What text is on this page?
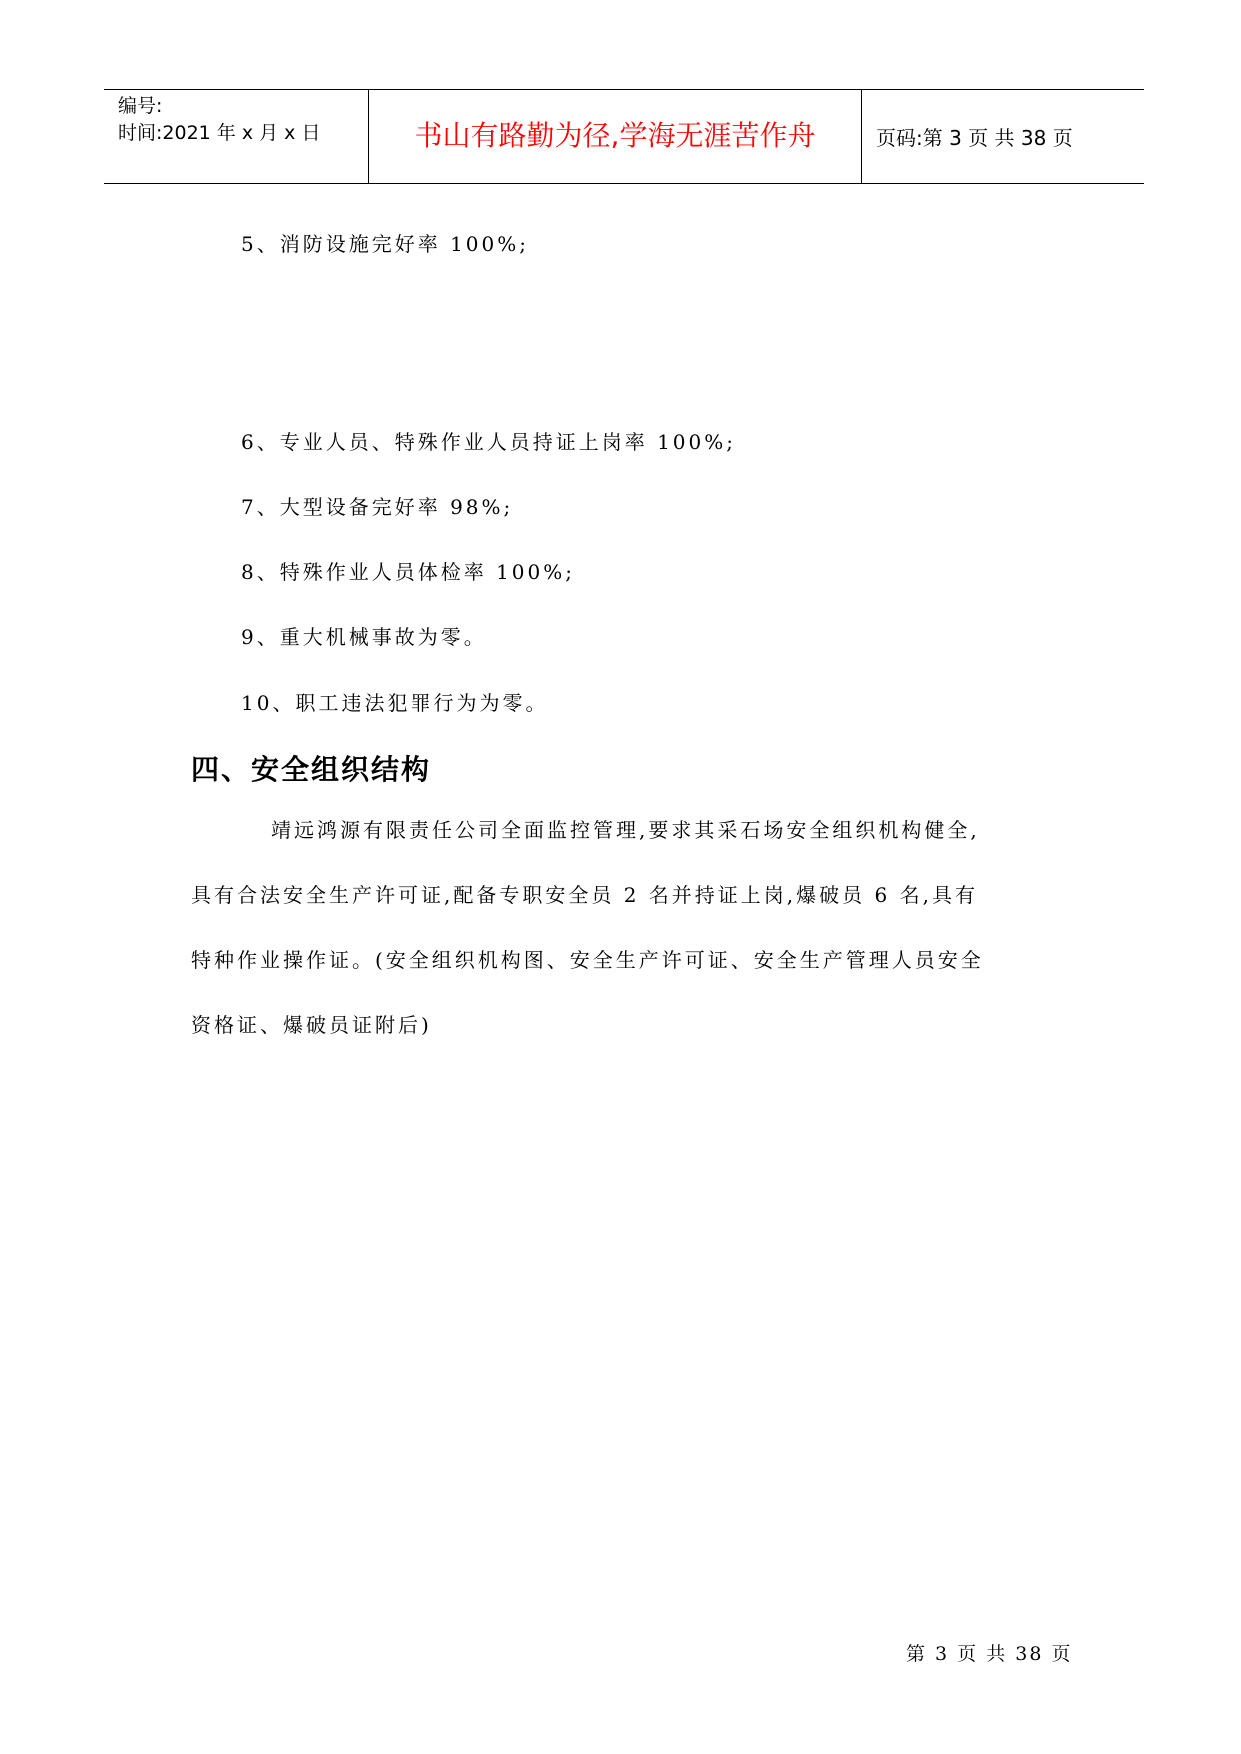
编号:
时间:2021 年 x 月 x 日	书山有路勤为径,学海无涯苦作舟	页码:第 3 页 共 38 页
5、消防设施完好率 100%;
6、专业人员、特殊作业人员持证上岗率 100%;
7、大型设备完好率 98%;
8、特殊作业人员体检率 100%;
9、重大机械事故为零。
10、职工违法犯罪行为为零。
四、安全组织结构
靖远鸿源有限责任公司全面监控管理,要求其采石场安全组织机构健全,
具有合法安全生产许可证,配备专职安全员 2 名并持证上岗,爆破员 6 名,具有
特种作业操作证。(安全组织机构图、安全生产许可证、安全生产管理人员安全
资格证、爆破员证附后)
第 3 页 共 38 页
